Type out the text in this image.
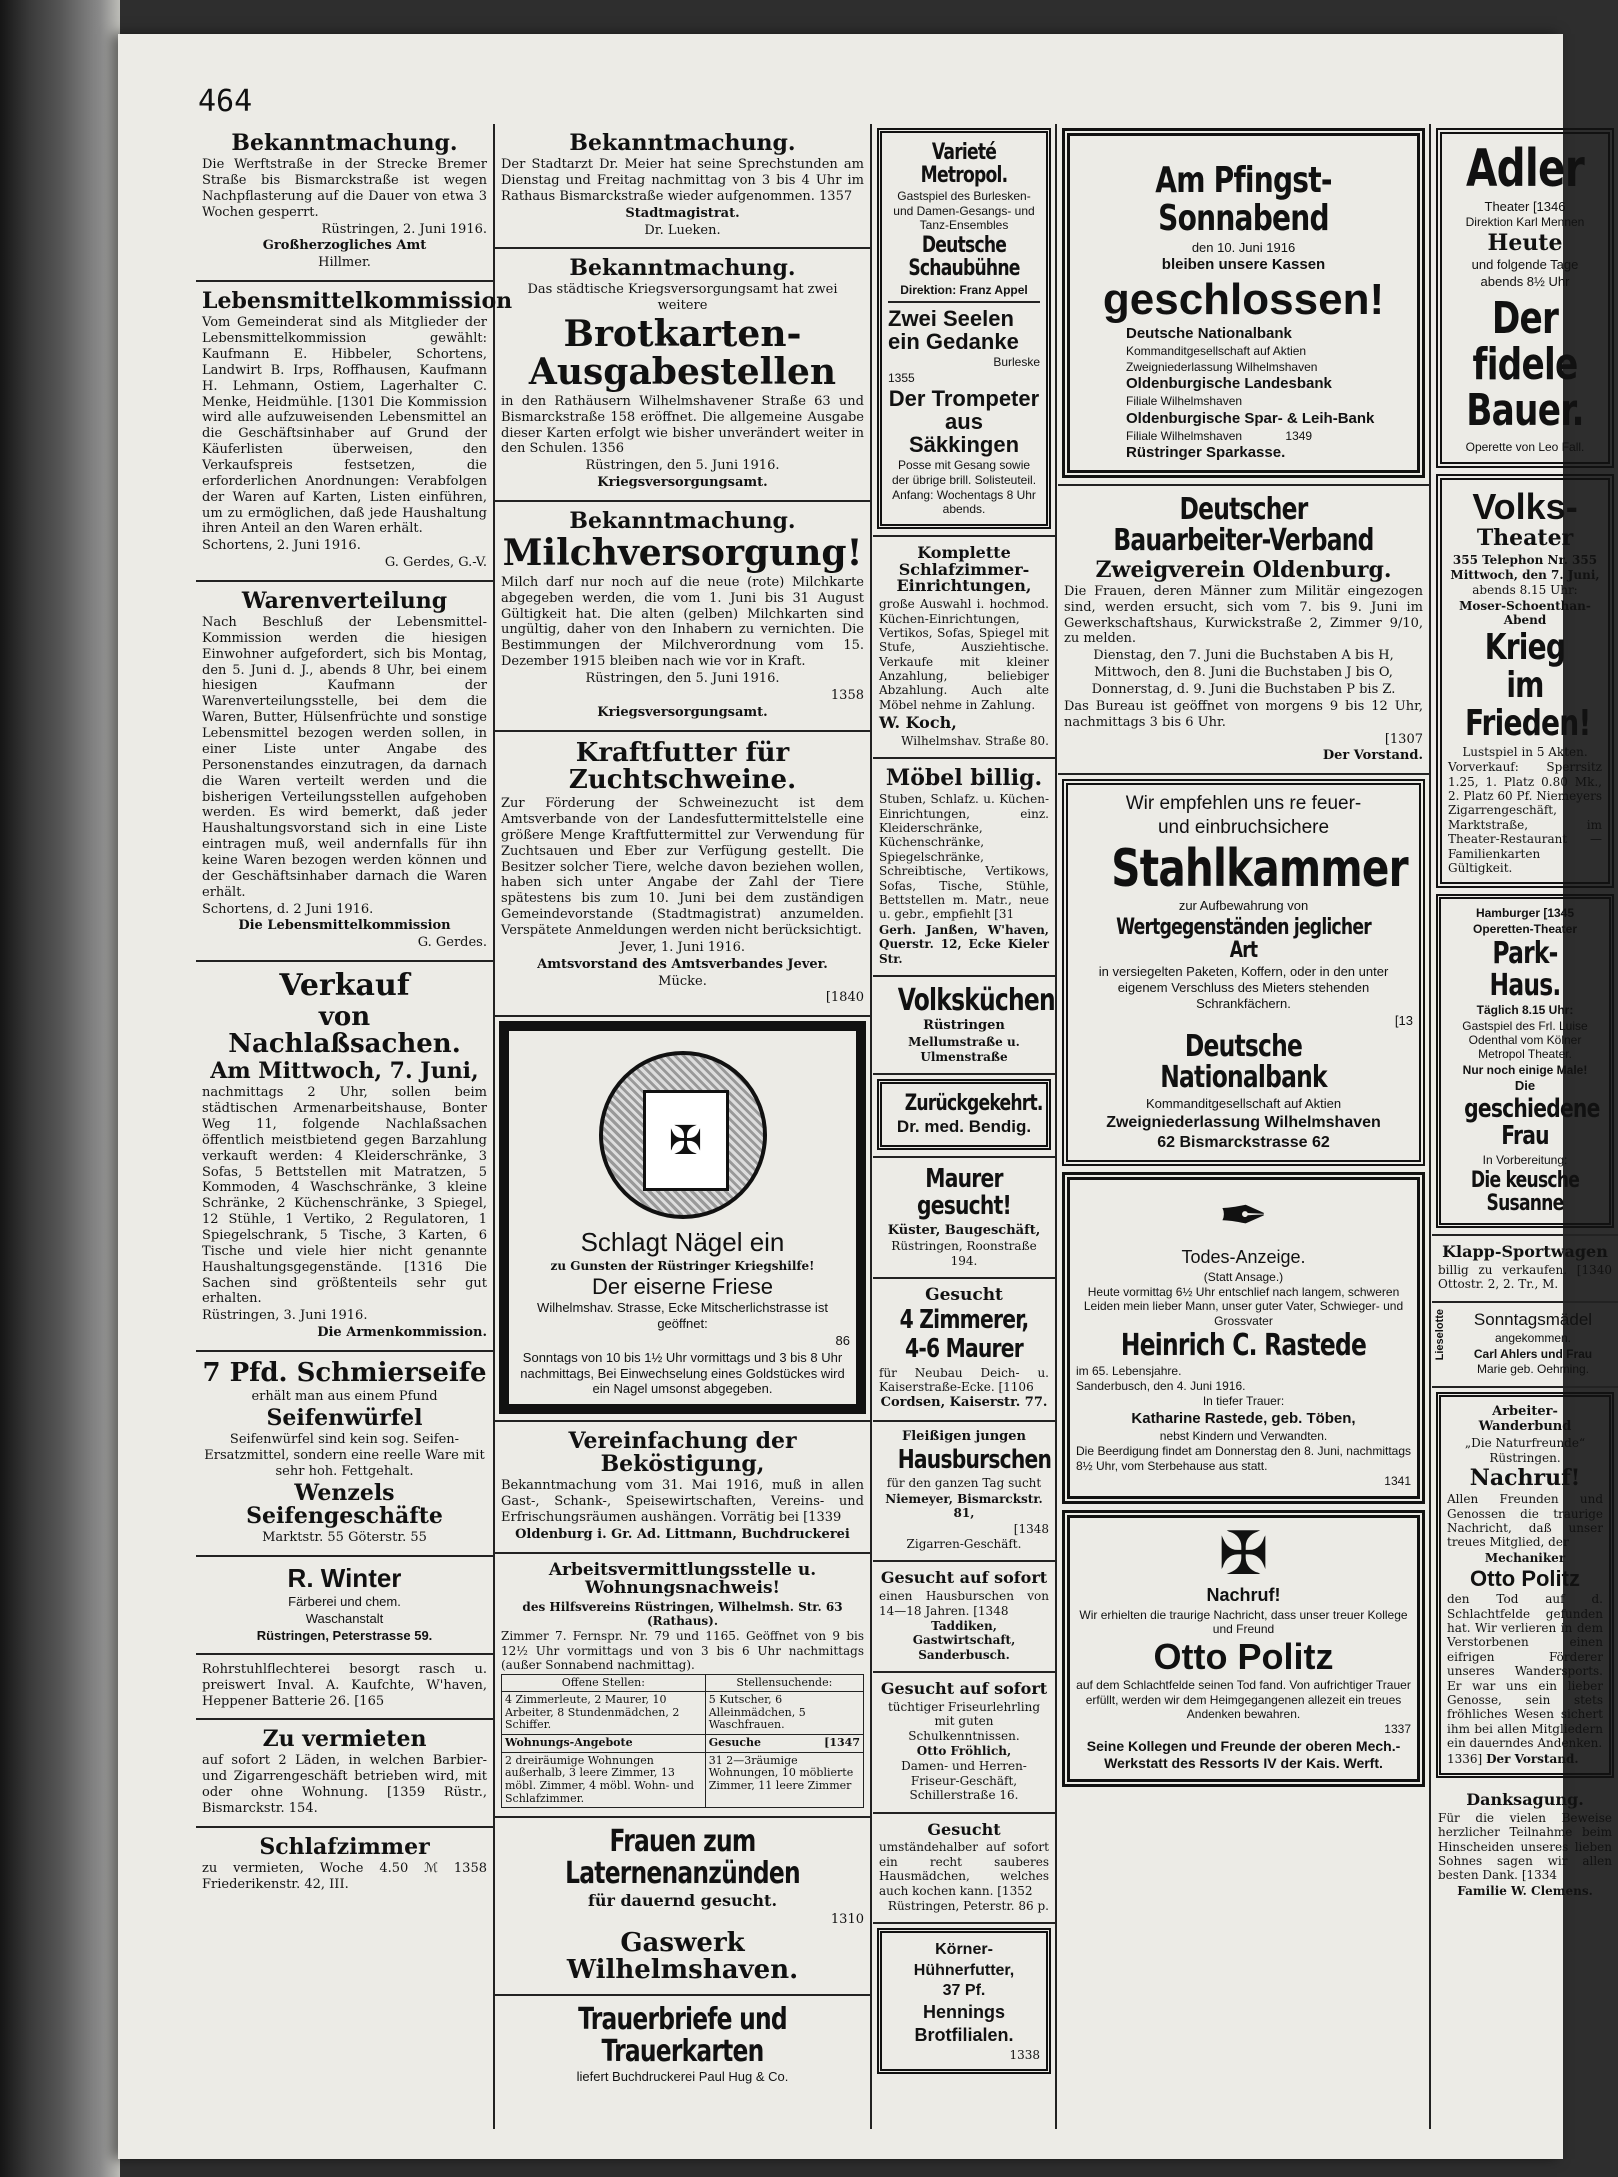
464
Bekanntmachung.

Die Werftstraße in der Strecke Bremer Straße bis Bismarckstraße ist wegen Nachpflasterung auf die Dauer von etwa 3 Wochen gesperrt.

Rüstringen, 2. Juni 1916.

Großherzogliches Amt

Hillmer.

Lebensmittelkommission

Vom Gemeinderat sind als Mitglieder der Lebensmittelkommission gewählt: Kaufmann E. Hibbeler, Schortens, Landwirt B. Irps, Roffhausen, Kaufmann H. Lehmann, Ostiem, Lagerhalter C. Menke, Heidmühle. [1301 Die Kommission wird alle aufzuweisenden Lebensmittel an die Geschäftsinhaber auf Grund der Käuferlisten überweisen, den Verkaufspreis festsetzen, die erforderlichen Anordnungen: Verabfolgen der Waren auf Karten, Listen einführen, um zu ermöglichen, daß jede Haushaltung ihren Anteil an den Waren erhält.

Schortens, 2. Juni 1916.

G. Gerdes, G.-V.

Warenverteilung

Nach Beschluß der Lebensmittel-Kommission werden die hiesigen Einwohner aufgefordert, sich bis Montag, den 5. Juni d. J., abends 8 Uhr, bei einem hiesigen Kaufmann der Warenverteilungsstelle, bei dem die Waren, Butter, Hülsenfrüchte und sonstige Lebensmittel bezogen werden sollen, in einer Liste unter Angabe des Personenstandes einzutragen, da darnach die Waren verteilt werden und die bisherigen Verteilungsstellen aufgehoben werden. Es wird bemerkt, daß jeder Haushaltungsvorstand sich in eine Liste eintragen muß, weil andernfalls für ihn keine Waren bezogen werden können und der Geschäftsinhaber darnach die Waren erhält.

Schortens, d. 2 Juni 1916.

Die Lebensmittelkommission

G. Gerdes.

Verkauf
von Nachlaßsachen.
Am Mittwoch, 7. Juni,

nachmittags 2 Uhr, sollen beim städtischen Armenarbeitshause, Bonter Weg 11, folgende Nachlaßsachen öffentlich meistbietend gegen Barzahlung verkauft werden: 4 Kleiderschränke, 3 Sofas, 5 Bettstellen mit Matratzen, 5 Kommoden, 4 Waschschränke, 3 kleine Schränke, 2 Küchenschränke, 3 Spiegel, 12 Stühle, 1 Vertiko, 2 Regulatoren, 1 Spiegelschrank, 5 Tische, 3 Karten, 6 Tische und viele hier nicht genannte Haushaltungsgegenstände. [1316 Die Sachen sind größtenteils sehr gut erhalten.

Rüstringen, 3. Juni 1916.

Die Armenkommission.

7 Pfd. Schmierseife

erhält man aus einem Pfund

Seifenwürfel

Seifenwürfel sind kein sog. Seifen-Ersatzmittel, sondern eine reelle Ware mit sehr hoh. Fettgehalt.

Wenzels Seifengeschäfte

Marktstr. 55 Göterstr. 55

R. Winter

Färberei und chem.

Waschanstalt

Rüstringen, Peterstrasse 59.

Rohrstuhlflechterei besorgt rasch u. preiswert Inval. A. Kaufchte, W'haven, Heppener Batterie 26. [165

Zu vermieten

auf sofort 2 Läden, in welchen Barbier- und Zigarrengeschäft betrieben wird, mit oder ohne Wohnung. [1359 Rüstr., Bismarckstr. 154.

Schlafzimmer

zu vermieten, Woche 4.50 ℳ 1358 Friederikenstr. 42, III.

Bekanntmachung.

Der Stadtarzt Dr. Meier hat seine Sprechstunden am Dienstag und Freitag nachmittag von 3 bis 4 Uhr im Rathaus Bismarckstraße wieder aufgenommen. 1357

Stadtmagistrat.

Dr. Lueken.

Bekanntmachung.

Das städtische Kriegsversorgungsamt hat zwei weitere

Brotkarten-Ausgabestellen

in den Rathäusern Wilhelmshavener Straße 63 und Bismarckstraße 158 eröffnet. Die allgemeine Ausgabe dieser Karten erfolgt wie bisher unverändert weiter in den Schulen. 1356

Rüstringen, den 5. Juni 1916.

Kriegsversorgungsamt.

Bekanntmachung.
Milchversorgung!

Milch darf nur noch auf die neue (rote) Milchkarte abgegeben werden, die vom 1. Juni bis 31 August Gültigkeit hat. Die alten (gelben) Milchkarten sind ungültig, daher von den Inhabern zu vernichten. Die Bestimmungen der Milchverordnung vom 15. Dezember 1915 bleiben nach wie vor in Kraft.

Rüstringen, den 5. Juni 1916.

1358

Kriegsversorgungsamt.

Kraftfutter für Zuchtschweine.

Zur Förderung der Schweinezucht ist dem Amtsverbande von der Landesfuttermittelstelle eine größere Menge Kraftfuttermittel zur Verwendung für Zuchtsauen und Eber zur Verfügung gestellt. Die Besitzer solcher Tiere, welche davon beziehen wollen, haben sich unter Angabe der Zahl der Tiere spätestens bis zum 10. Juni bei dem zuständigen Gemeindevorstande (Stadtmagistrat) anzumelden. Verspätete Anmeldungen werden nicht berücksichtigt.

Jever, 1. Juni 1916.

Amtsvorstand des Amtsverbandes Jever.

Mücke.

[1840

✠
Schlagt Nägel ein

zu Gunsten der Rüstringer Kriegshilfe!

Der eiserne Friese

Wilhelmshav. Strasse, Ecke Mitscherlichstrasse ist geöffnet:

86

Sonntags von 10 bis 1½ Uhr vormittags und 3 bis 8 Uhr nachmittags, Bei Einwechselung eines Goldstückes wird ein Nagel umsonst abgegeben.

Vereinfachung der Beköstigung,

Bekanntmachung vom 31. Mai 1916, muß in allen Gast-, Schank-, Speisewirtschaften, Vereins- und Erfrischungsräumen aushängen. Vorrätig bei [1339

Oldenburg i. Gr. Ad. Littmann, Buchdruckerei

Arbeitsvermittlungsstelle u. Wohnungsnachweis!

des Hilfsvereins Rüstringen, Wilhelmsh. Str. 63 (Rathaus).

Zimmer 7. Fernspr. Nr. 79 und 1165. Geöffnet von 9 bis 12½ Uhr vormittags und von 3 bis 6 Uhr nachmittags (außer Sonnabend nachmittag).

Offene Stellen:	Stellensuchende:
4 Zimmerleute, 2 Maurer, 10 Arbeiter, 8 Stundenmädchen, 2 Schiffer.	5 Kutscher, 6 Alleinmädchen, 5 Waschfrauen.
Wohnungs-Angebote	Gesuche [1347

2 dreiräumige Wohnungen außerhalb, 3 leere Zimmer, 13 möbl. Zimmer, 4 möbl. Wohn- und Schlafzimmer.	31 2—3räumige Wohnungen, 10 möblierte Zimmer, 11 leere Zimmer
Frauen zum Laternenanzünden

für dauernd gesucht.

1310

Gaswerk Wilhelmshaven.
Trauerbriefe und Trauerkarten

liefert Buchdruckerei Paul Hug & Co.

Varieté Metropol.

Gastspiel des Burlesken- und Damen-Gesangs- und Tanz-Ensembles

Deutsche Schaubühne

Direktion: Franz Appel

Zwei Seelen ein Gedanke

Burleske

1355

Der Trompeter aus Säkkingen

Posse mit Gesang sowie der übrige brill. Solisteuteil.

Anfang: Wochentags 8 Uhr abends.

Komplette Schlafzimmer-Einrichtungen,

große Auswahl i. hochmod. Küchen-Einrichtungen, Vertikos, Sofas, Spiegel mit Stufe, Ausziehtische. Verkaufe mit kleiner Anzahlung, beliebiger Abzahlung. Auch alte Möbel nehme in Zahlung.

W. Koch,

Wilhelmshav. Straße 80.

Möbel billig.

Stuben, Schlafz. u. Küchen-Einrichtungen, einz. Kleiderschränke, Küchenschränke, Spiegelschränke, Schreibtische, Vertikows, Sofas, Tische, Stühle, Bettstellen m. Matr., neue u. gebr., empfiehlt [31

Gerh. Janßen, W'haven, Querstr. 12, Ecke Kieler Str.

Volksküchen

Rüstringen

Mellumstraße u. Ulmenstraße

Zurückgekehrt.

Dr. med. Bendig.

Maurer gesucht!

Küster, Baugeschäft,

Rüstringen, Roonstraße 194.

Gesucht
4 Zimmerer,
4-6 Maurer

für Neubau Deich- u. Kaiserstraße-Ecke. [1106

Cordsen, Kaiserstr. 77.

Fleißigen jungen

Hausburschen

für den ganzen Tag sucht

Niemeyer, Bismarckstr. 81,

[1348

Zigarren-Geschäft.

Gesucht auf sofort

einen Hausburschen von 14—18 Jahren. [1348

Taddiken, Gastwirtschaft, Sanderbusch.

Gesucht auf sofort

tüchtiger Friseurlehrling mit guten Schulkenntnissen.

Otto Fröhlich,

Damen- und Herren-Friseur-Geschäft, Schillerstraße 16.

Gesucht

umständehalber auf sofort ein recht sauberes Hausmädchen, welches auch kochen kann. [1352

Rüstringen, Peterstr. 86 p.

Körner-

Hühnerfutter,

37 Pf.

Hennings

Brotfilialen.

1338

Am Pfingst-Sonnabend

den 10. Juni 1916

bleiben unsere Kassen

geschlossen!

Deutsche Nationalbank

Kommanditgesellschaft auf Aktien

Zweigniederlassung Wilhelmshaven

Oldenburgische Landesbank

Filiale Wilhelmshaven

Oldenburgische Spar- & Leih-Bank

Filiale Wilhelmshaven	1349

Rüstringer Sparkasse.

Deutscher Bauarbeiter-Verband
Zweigverein Oldenburg.

Die Frauen, deren Männer zum Militär eingezogen sind, werden ersucht, sich vom 7. bis 9. Juni im Gewerkschaftshaus, Kurwickstraße 2, Zimmer 9/10, zu melden.

Dienstag, den 7. Juni die Buchstaben A bis H,

Mittwoch, den 8. Juni die Buchstaben J bis O,

Donnerstag, d. 9. Juni die Buchstaben P bis Z.

Das Bureau ist geöffnet von morgens 9 bis 12 Uhr, nachmittags 3 bis 6 Uhr.

[1307

Der Vorstand.

Wir empfehlen uns re feuer-

und einbruchsichere

Stahlkammer

zur Aufbewahrung von

Wertgegenständen jeglicher Art

in versiegelten Paketen, Koffern, oder in den unter eigenem Verschluss des Mieters stehenden Schrankfächern.

[13

Deutsche Nationalbank

Kommanditgesellschaft auf Aktien

Zweigniederlassung Wilhelmshaven

62 Bismarckstrasse 62

✒

Todes-Anzeige.

(Statt Ansage.)

Heute vormittag 6½ Uhr entschlief nach langem, schweren Leiden mein lieber Mann, unser guter Vater, Schwieger- und Grossvater

Heinrich C. Rastede

im 65. Lebensjahre.

Sanderbusch, den 4. Juni 1916.

In tiefer Trauer:

Katharine Rastede, geb. Töben,

nebst Kindern und Verwandten.

Die Beerdigung findet am Donnerstag den 8. Juni, nachmittags 8½ Uhr, vom Sterbehause aus statt.

1341

✠

Nachruf!

Wir erhielten die traurige Nachricht, dass unser treuer Kollege und Freund

Otto Politz

auf dem Schlachtfelde seinen Tod fand. Von aufrichtiger Trauer erfüllt, werden wir dem Heimgegangenen allezeit ein treues Andenken bewahren.

1337

Seine Kollegen und Freunde der oberen Mech.-Werkstatt des Ressorts IV der Kais. Werft.

Adler

Theater [1346

Direktion Karl Mennen

Heute

und folgende Tage

abends 8½ Uhr

Der fidele Bauer.

Operette von Leo Fall.

Volks-
Theater

355 Telephon Nr. 355

Mittwoch, den 7. Juni,

abends 8.15 Uhr:

Moser-Schoenthan-Abend

Krieg im Frieden!

Lustspiel in 5 Akten.

Vorverkauf: Sperrsitz 1.25, 1. Platz 0.80 Mk., 2. Platz 60 Pf. Niemeyers Zigarrengeschäft, Marktstraße, im Theater-Restaurant — Familienkarten Gültigkeit.

Hamburger [1345

Operetten-Theater

Park-Haus.

Täglich 8.15 Uhr:

Gastspiel des Frl. Luise Odenthal vom Kölner Metropol Theater.

Nur noch einige Male!

Die

geschiedene Frau

In Vorbereitung:

Die keusche Susanne
Klapp-Sportwagen

billig zu verkaufen. [1340 Ottostr. 2, 2. Tr., M.

Lieselotte	Sonntagsmädel

angekommen.

Carl Ahlers und Frau

Marie geb. Oehming.

Arbeiter-Wanderbund

„Die Naturfreunde“ Rüstringen.

Nachruf!

Allen Freunden und Genossen die traurige Nachricht, daß unser treues Mitglied, der

Mechaniker

Otto Politz

den Tod auf d. Schlachtfelde gefunden hat. Wir verlieren in dem Verstorbenen einen eifrigen Förderer unseres Wandersports. Er war uns ein lieber Genosse, sein stets fröhliches Wesen sichert ihm bei allen Mitgliedern ein dauerndes Andenken.

1336] Der Vorstand.

Danksagung.

Für die vielen Beweise herzlicher Teilnahme beim Hinscheiden unseres lieben Sohnes sagen wir allen besten Dank. [1334

Familie W. Clemens.
